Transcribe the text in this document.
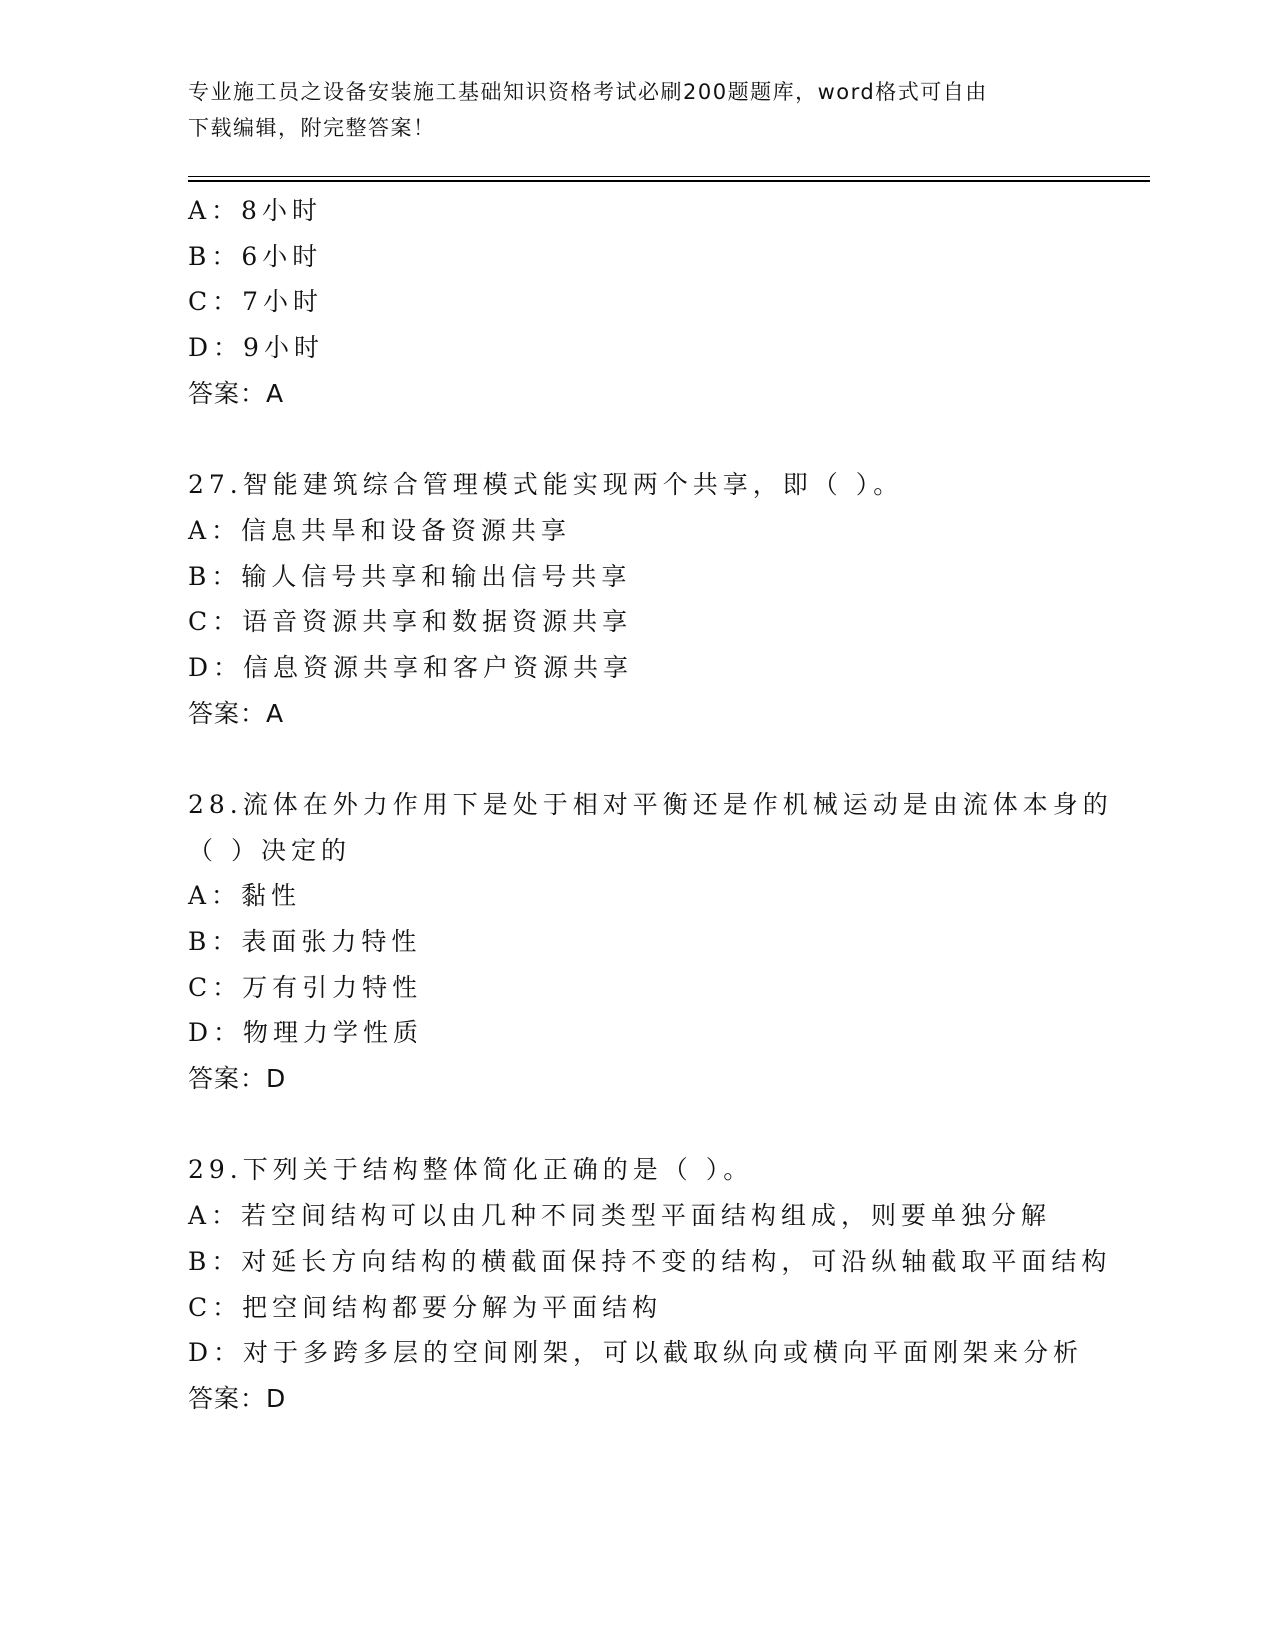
专业施工员之设备安装施工基础知识资格考试必刷200题题库，word格式可自由
下载编辑，附完整答案！
A：8小时
B：6小时
C：7小时
D：9小时
答案：A
27.智能建筑综合管理模式能实现两个共享，即（ ）。
A：信息共旱和设备资源共享
B：输人信号共享和输出信号共享
C：语音资源共享和数据资源共享
D：信息资源共享和客户资源共享
答案：A
28.流体在外力作用下是处于相对平衡还是作机械运动是由流体本身的
（ ）决定的
A：黏性
B：表面张力特性
C：万有引力特性
D：物理力学性质
答案：D
29.下列关于结构整体简化正确的是（ ）。
A：若空间结构可以由几种不同类型平面结构组成，则要单独分解
B：对延长方向结构的横截面保持不变的结构，可沿纵轴截取平面结构
C：把空间结构都要分解为平面结构
D：对于多跨多层的空间刚架，可以截取纵向或横向平面刚架来分析
答案：D
